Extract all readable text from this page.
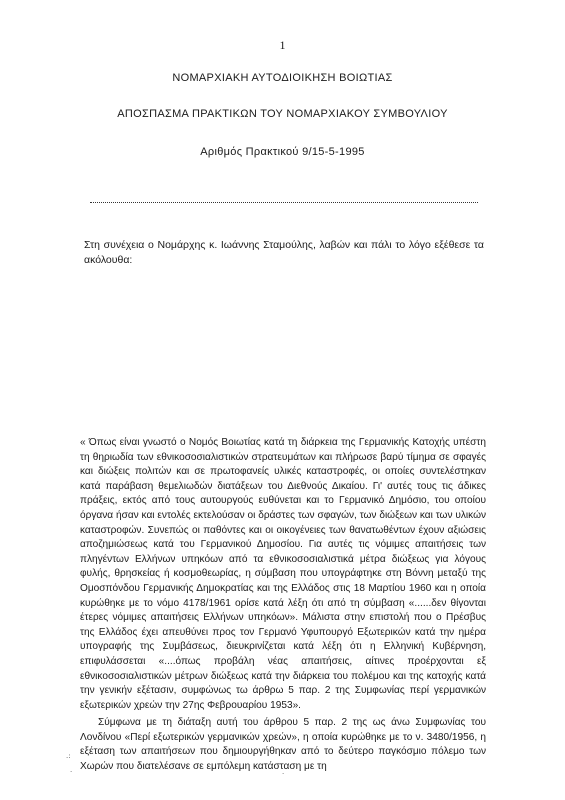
1
ΝΟΜΑΡΧΙΑΚΗ ΑΥΤΟΔΙΟΙΚΗΣΗ ΒΟΙΩΤΙΑΣ
ΑΠΟΣΠΑΣΜΑ ΠΡΑΚΤΙΚΩΝ ΤΟΥ ΝΟΜΑΡΧΙΑΚΟΥ ΣΥΜΒΟΥΛΙΟΥ
Αριθμός Πρακτικού 9/15-5-1995
Στη συνέχεια ο Νομάρχης κ. Ιωάννης Σταμούλης, λαβών και πάλι το λόγο εξέθεσε τα ακόλουθα:

« Όπως είναι γνωστό ο Νομός Βοιωτίας κατά τη διάρκεια της Γερμανικής Κατοχής υπέστη τη θηριωδία των εθνικοσοσιαλιστικών στρατευμάτων και πλήρωσε βαρύ τίμημα σε σφαγές και διώξεις πολιτών και σε πρωτοφανείς υλικές καταστροφές, οι οποίες συντελέστηκαν κατά παράβαση θεμελιωδών διατάξεων του Διεθνούς Δικαίου. Γι' αυτές τους τις άδικες πράξεις, εκτός από τους αυτουργούς ευθύνεται και το Γερμανικό Δημόσιο, του οποίου όργανα ήσαν και εντολές εκτελούσαν οι δράστες των σφαγών, των διώξεων και των υλικών καταστροφών. Συνεπώς οι παθόντες και οι οικογένειες των θανατωθέντων έχουν αξιώσεις αποζημιώσεως κατά του Γερμανικού Δημοσίου. Για αυτές τις νόμιμες απαιτήσεις των πληγέντων Ελλήνων υπηκόων από τα εθνικοσοσιαλιστικά μέτρα διώξεως για λόγους φυλής, θρησκείας ή κοσμοθεωρίας, η σύμβαση που υπογράφτηκε στη Βόννη μεταξύ της Ομοσπόνδου Γερμανικής Δημοκρατίας και της Ελλάδος στις 18 Μαρτίου 1960 και η οποία κυρώθηκε με το νόμο 4178/1961 ορίσε κατά λέξη ότι από τη σύμβαση «......δεν θίγονται έτερες νόμιμες απαιτήσεις Ελλήνων υπηκόων». Μάλιστα στην επιστολή που ο Πρέσβυς της Ελλάδος έχει απευθύνει προς τον Γερμανό Υφυπουργό Εξωτερικών κατά την ημέρα υπογραφής της Συμβάσεως, διευκρινίζεται κατά λέξη ότι η Ελληνική Κυβέρνηση, επιφυλάσσεται «....όπως προβάλη νέας απαιτήσεις, αίτινες προέρχονται εξ εθνικοσοσιαλιστικών μέτρων διώξεως κατά την διάρκεια του πολέμου και της κατοχής κατά την γενικήν εξέτασιν, συμφώνως τω άρθρω 5 παρ. 2 της Συμφωνίας περί γερμανικών εξωτερικών χρεών την 27ης Φεβρουαρίου 1953».

Σύμφωνα με τη διάταξη αυτή του άρθρου 5 παρ. 2 της ως άνω Συμφωνίας του Λονδίνου «Περί εξωτερικών γερμανικών χρεών», η οποία κυρώθηκε με το ν. 3480/1956, η εξέταση των απαιτήσεων που δημιουργήθηκαν από το δεύτερο παγκόσμιο πόλεμο των Χωρών που διατελέσανε σε εμπόλεμη κατάσταση με τη

.:
·	·
